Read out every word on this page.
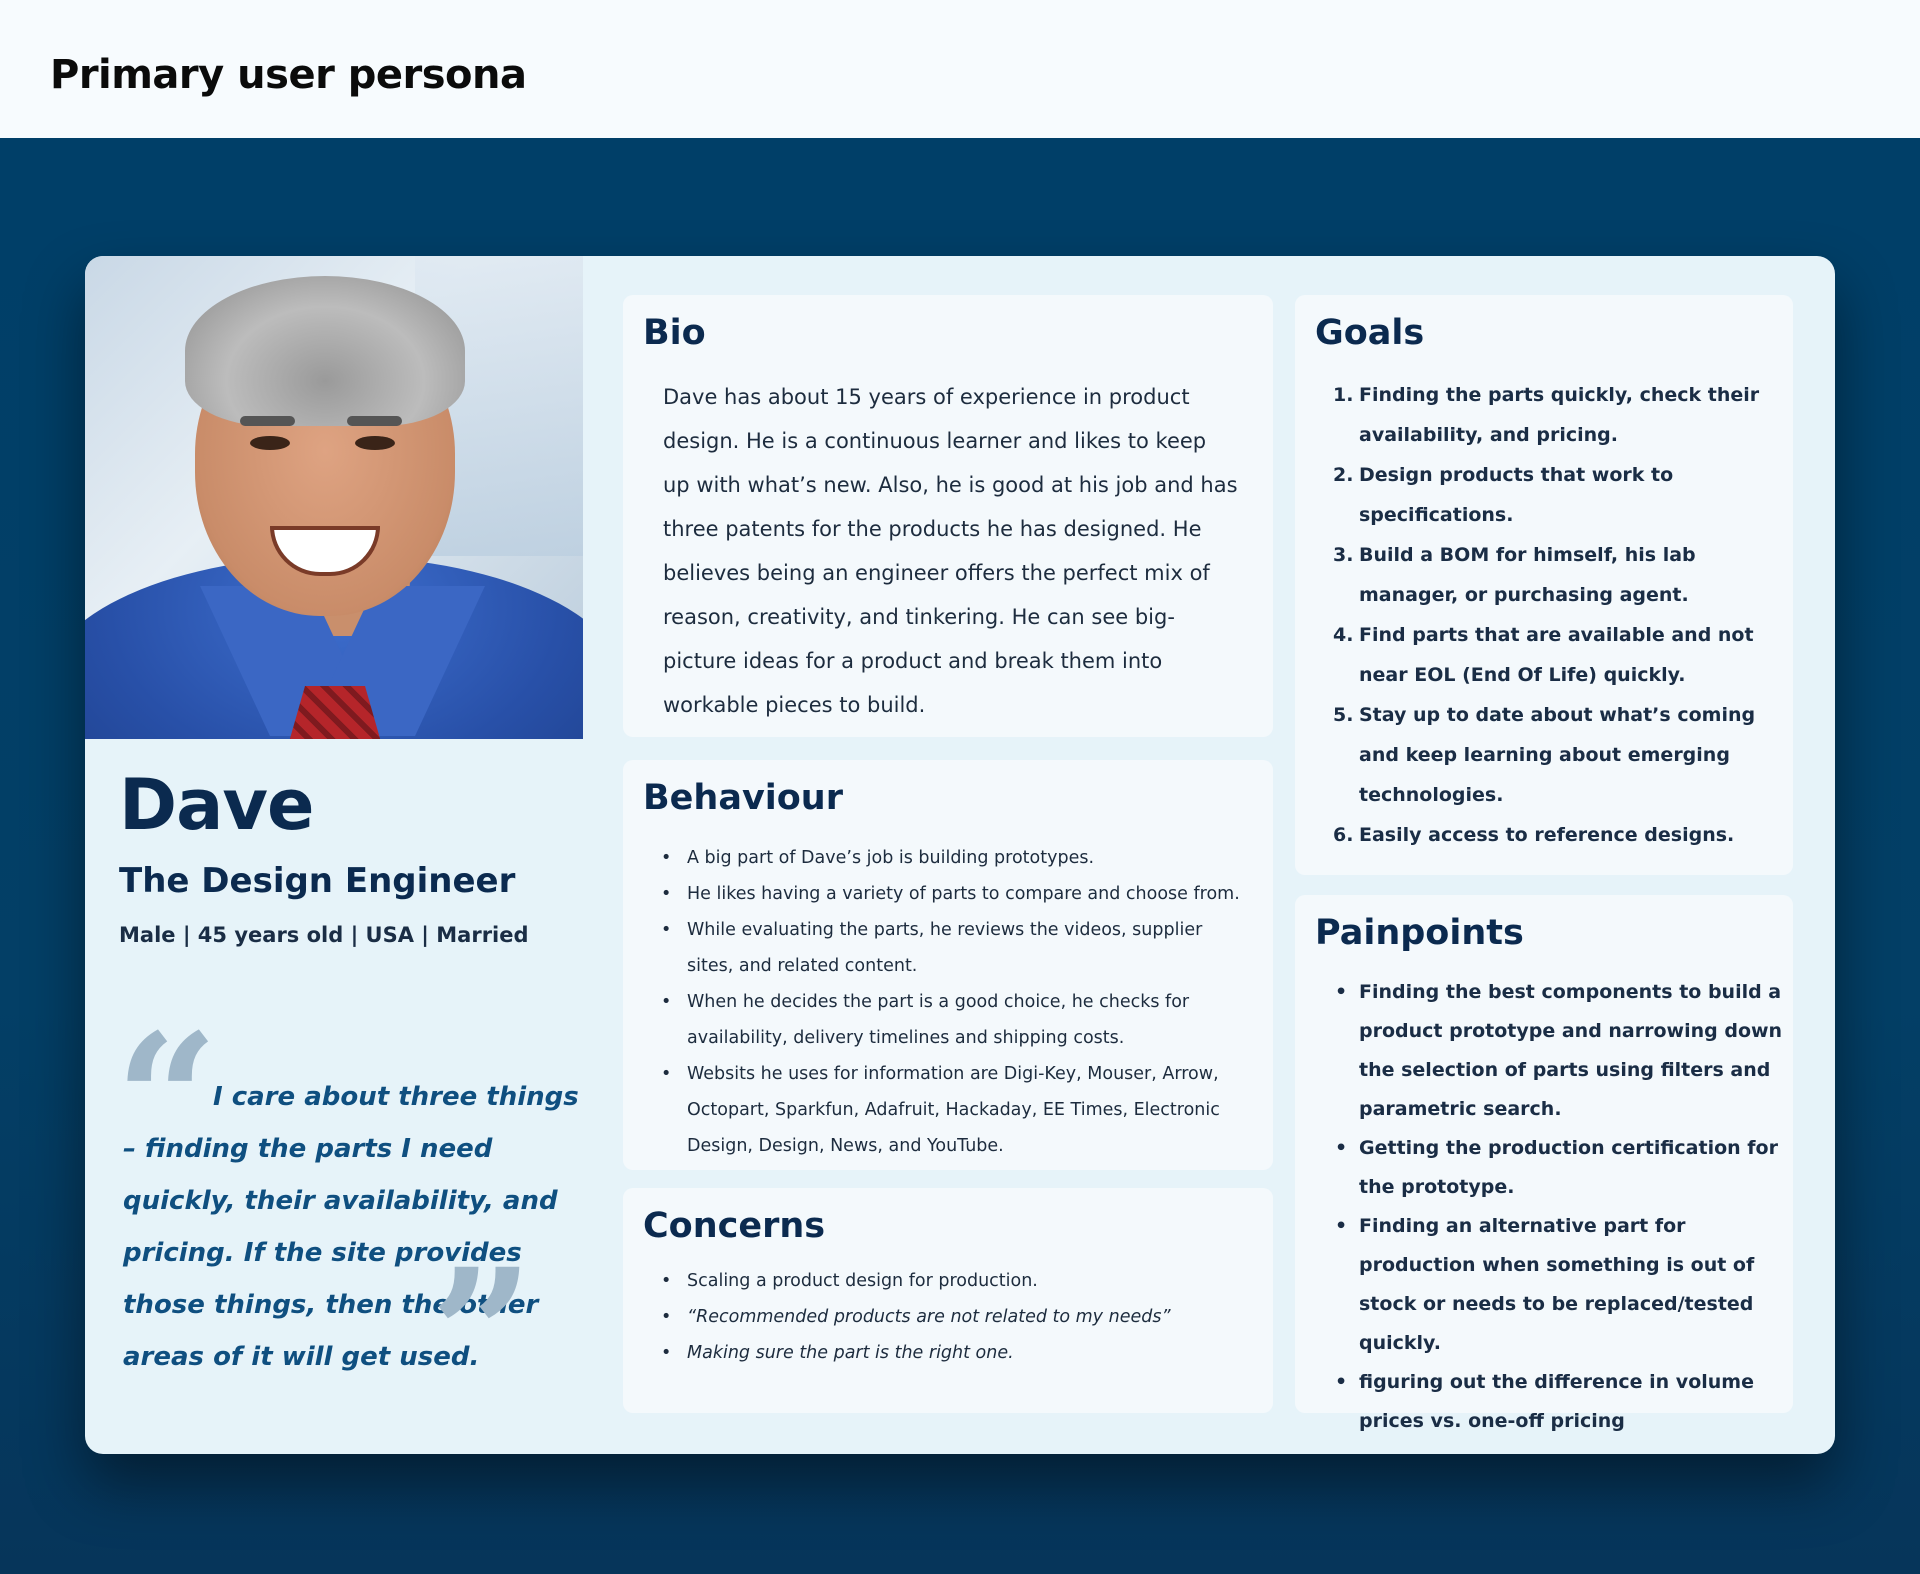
Primary user persona
Dave
The Design Engineer
Male | 45 years old | USA | Married
“
I care about three things – finding the parts I need quickly, their availability, and pricing. If the site provides those things, then the other areas of it will get used.
”
Bio

Dave has about 15 years of experience in product design. He is a continuous learner and likes to keep up with what’s new. Also, he is good at his job and has three patents for the products he has designed. He believes being an engineer offers the perfect mix of reason, creativity, and tinkering. He can see big-picture ideas for a product and break them into workable pieces to build.

Behaviour
• A big part of Dave’s job is building prototypes.
• He likes having a variety of parts to compare and choose from.
• While evaluating the parts, he reviews the videos, supplier sites, and related content.
• When he decides the part is a good choice, he checks for availability, delivery timelines and shipping costs.
• Websits he uses for information are Digi-Key, Mouser, Arrow, Octopart, Sparkfun, Adafruit, Hackaday, EE Times, Electronic Design, Design, News, and YouTube.
Concerns
• Scaling a product design for production.
• “Recommended products are not related to my needs”
• Making sure the part is the right one.
Goals
1. Finding the parts quickly, check their availability, and pricing.
2. Design products that work to specifications.
3. Build a BOM for himself, his lab manager, or purchasing agent.
4. Find parts that are available and not near EOL (End Of Life) quickly.
5. Stay up to date about what’s coming and keep learning about emerging technologies.
6. Easily access to reference designs.
Painpoints
• Finding the best components to build a product prototype and narrowing down the selection of parts using filters and parametric search.
• Getting the production certification for the prototype.
• Finding an alternative part for production when something is out of stock or needs to be replaced/tested quickly.
• figuring out the difference in volume prices vs. one-off pricing
